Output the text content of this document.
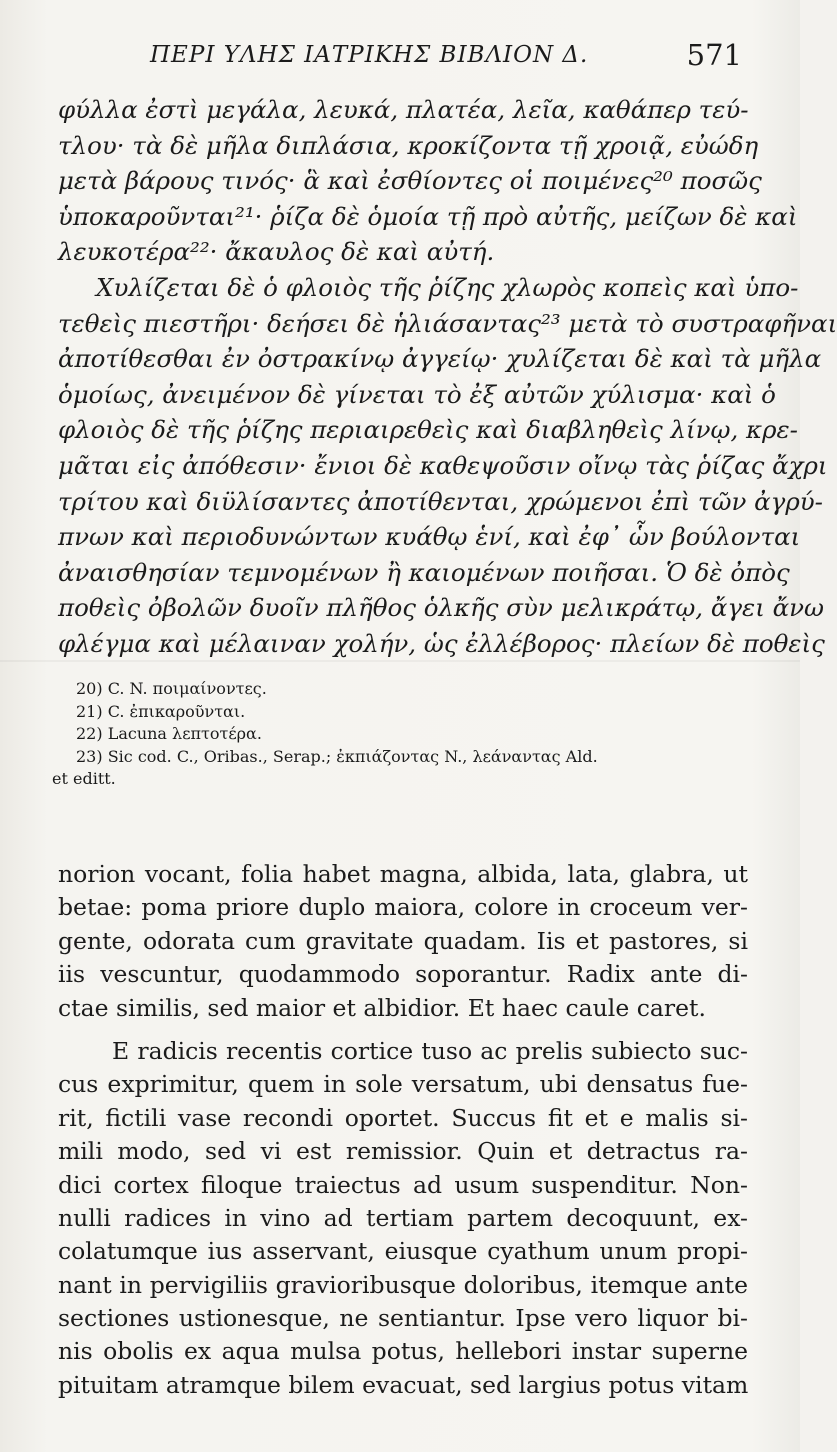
ΠΕΡΙ ΥΛΗΣ ΙΑΤΡΙΚΗΣ ΒΙΒΛΙΟΝ Δ.	571
φύλλα ἐστὶ μεγάλα, λευκά, πλατέα, λεῖα, καθάπερ τεύ-
τλου· τὰ δὲ μῆλα διπλάσια, κροκίζοντα τῇ χροιᾷ, εὐώδη
μετὰ βάρους τινός· ἃ καὶ ἐσθίοντες οἱ ποιμένες²⁰ ποσῶς
ὑποκαροῦνται²¹· ῥίζα δὲ ὁμοία τῇ πρὸ αὐτῆς, μείζων δὲ καὶ
λευκοτέρα²²· ἄκαυλος δὲ καὶ αὐτή.
Χυλίζεται δὲ ὁ φλοιὸς τῆς ῥίζης χλωρὸς κοπεὶς καὶ ὑπο-
τεθεὶς πιεστῆρι· δεήσει δὲ ἡλιάσαντας²³ μετὰ τὸ συστραφῆναι
ἀποτίθεσθαι ἐν ὀστρακίνῳ ἀγγείῳ· χυλίζεται δὲ καὶ τὰ μῆλα
ὁμοίως, ἀνειμένον δὲ γίνεται τὸ ἐξ αὐτῶν χύλισμα· καὶ ὁ
φλοιὸς δὲ τῆς ῥίζης περιαιρεθεὶς καὶ διαβληθεὶς λίνῳ, κρε-
μᾶται εἰς ἀπόθεσιν· ἔνιοι δὲ καθεψοῦσιν οἴνῳ τὰς ῥίζας ἄχρι
τρίτου καὶ διϋλίσαντες ἀποτίθενται, χρώμενοι ἐπὶ τῶν ἀγρύ-
πνων καὶ περιοδυνώντων κυάθῳ ἑνί, καὶ ἐφ᾽ ὧν βούλονται
ἀναισθησίαν τεμνομένων ἢ καιομένων ποιῆσαι. Ὁ δὲ ὀπὸς
ποθεὶς ὀβολῶν δυοῖν πλῆθος ὁλκῆς σὺν μελικράτῳ, ἄγει ἄνω
φλέγμα καὶ μέλαιναν χολήν, ὡς ἐλλέβορος· πλείων δὲ ποθεὶς
20) C. N. ποιμαίνοντες.
21) C. ἐπικαροῦνται.
22) Lacuna λεπτοτέρα.
23) Sic cod. C., Oribas., Serap.; ἐκπιάζοντας N., λεάναντας Ald.
et editt.
norion vocant, folia habet magna, albida, lata, glabra, ut
betae: poma priore duplo maiora, colore in croceum ver-
gente, odorata cum gravitate quadam. Iis et pastores, si
iis vescuntur, quodammodo soporantur. Radix ante di-
ctae similis, sed maior et albidior. Et haec caule caret.
E radicis recentis cortice tuso ac prelis subiecto suc-
cus exprimitur, quem in sole versatum, ubi densatus fue-
rit, fictili vase recondi oportet. Succus fit et e malis si-
mili modo, sed vi est remissior. Quin et detractus ra-
dici cortex filoque traiectus ad usum suspenditur. Non-
nulli radices in vino ad tertiam partem decoquunt, ex-
colatumque ius asservant, eiusque cyathum unum propi-
nant in pervigiliis gravioribusque doloribus, itemque ante
sectiones ustionesque, ne sentiantur. Ipse vero liquor bi-
nis obolis ex aqua mulsa potus, hellebori instar superne
pituitam atramque bilem evacuat, sed largius potus vitam
